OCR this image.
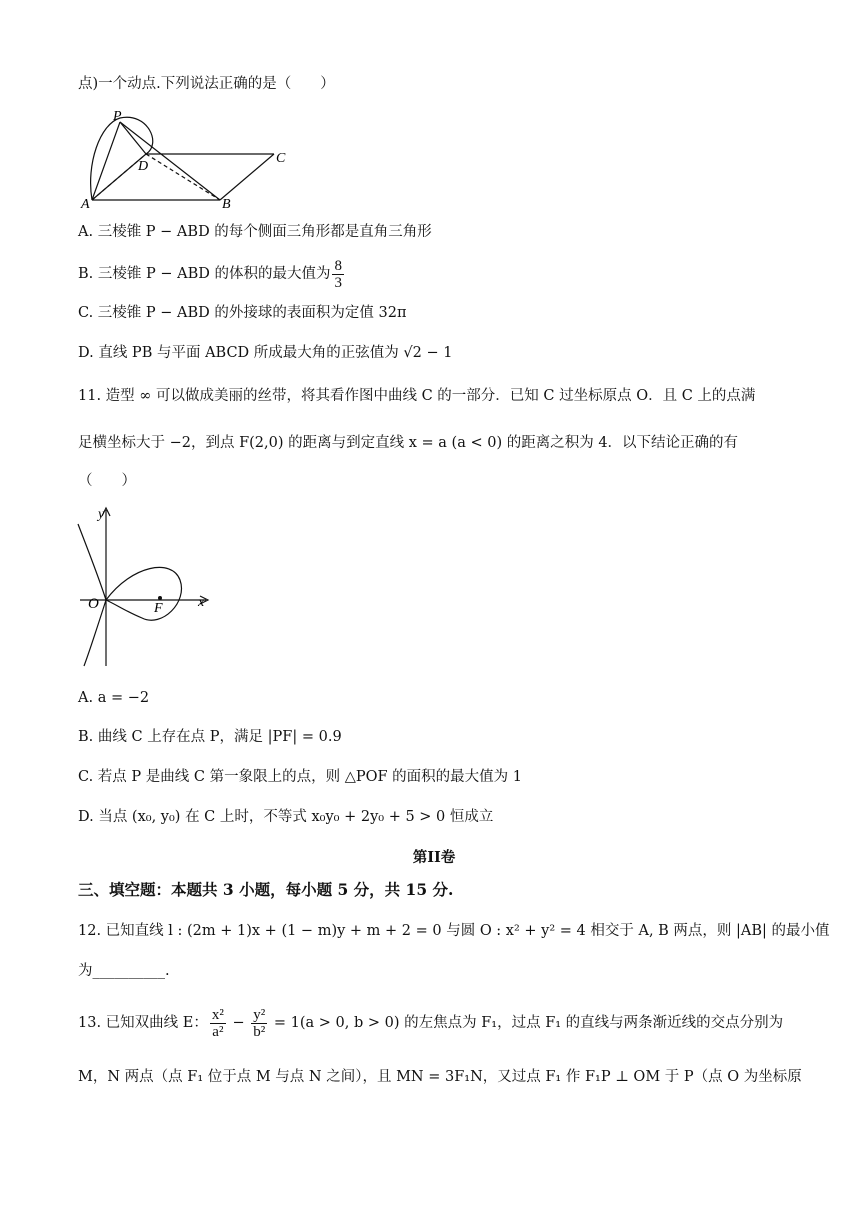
点)一个动点.下列说法正确的是（　　）
P
D
C
A	B
A. 三棱锥 P − ABD 的每个侧面三角形都是直角三角形
B. 三棱锥 P − ABD 的体积的最大值为 $\frac{8}{3}$
C. 三棱锥 P − ABD 的外接球的表面积为定值 32π
D. 直线 PB 与平面 ABCD 所成最大角的正弦值为 √2 − 1
11. 造型 ∞ 可以做成美丽的丝带，将其看作图中曲线 C 的一部分．已知 C 过坐标原点 O．且 C 上的点满
足横坐标大于 −2，到点 F(2,0) 的距离与到定直线 x = a (a < 0) 的距离之积为 4．以下结论正确的有
（　　）
y
x
O	F
A. a = −2
B. 曲线 C 上存在点 P，满足 |PF| = 0.9
C. 若点 P 是曲线 C 第一象限上的点，则 △POF 的面积的最大值为 1
D. 当点 (x₀, y₀) 在 C 上时，不等式 x₀y₀ + 2y₀ + 5 > 0 恒成立
第II卷
三、填空题：本题共 3 小题，每小题 5 分，共 15 分.
12. 已知直线 l : (2m + 1)x + (1 − m)y + m + 2 = 0 与圆 O : x² + y² = 4 相交于 A, B 两点，则 |AB| 的最小值
为__________.
13. 已知双曲线 E： $\frac{\text{x²}}{\text{a²}} - \frac{\text{y²}}{\text{b²}} = 1(a > 0$, b > 0) 的左焦点为 F₁，过点 F₁ 的直线与两条渐近线的交点分别为
M，N 两点（点 F₁ 位于点 M 与点 N 之间），且 MN = 3F₁N，又过点 F₁ 作 F₁P ⊥ OM 于 P（点 O 为坐标原
